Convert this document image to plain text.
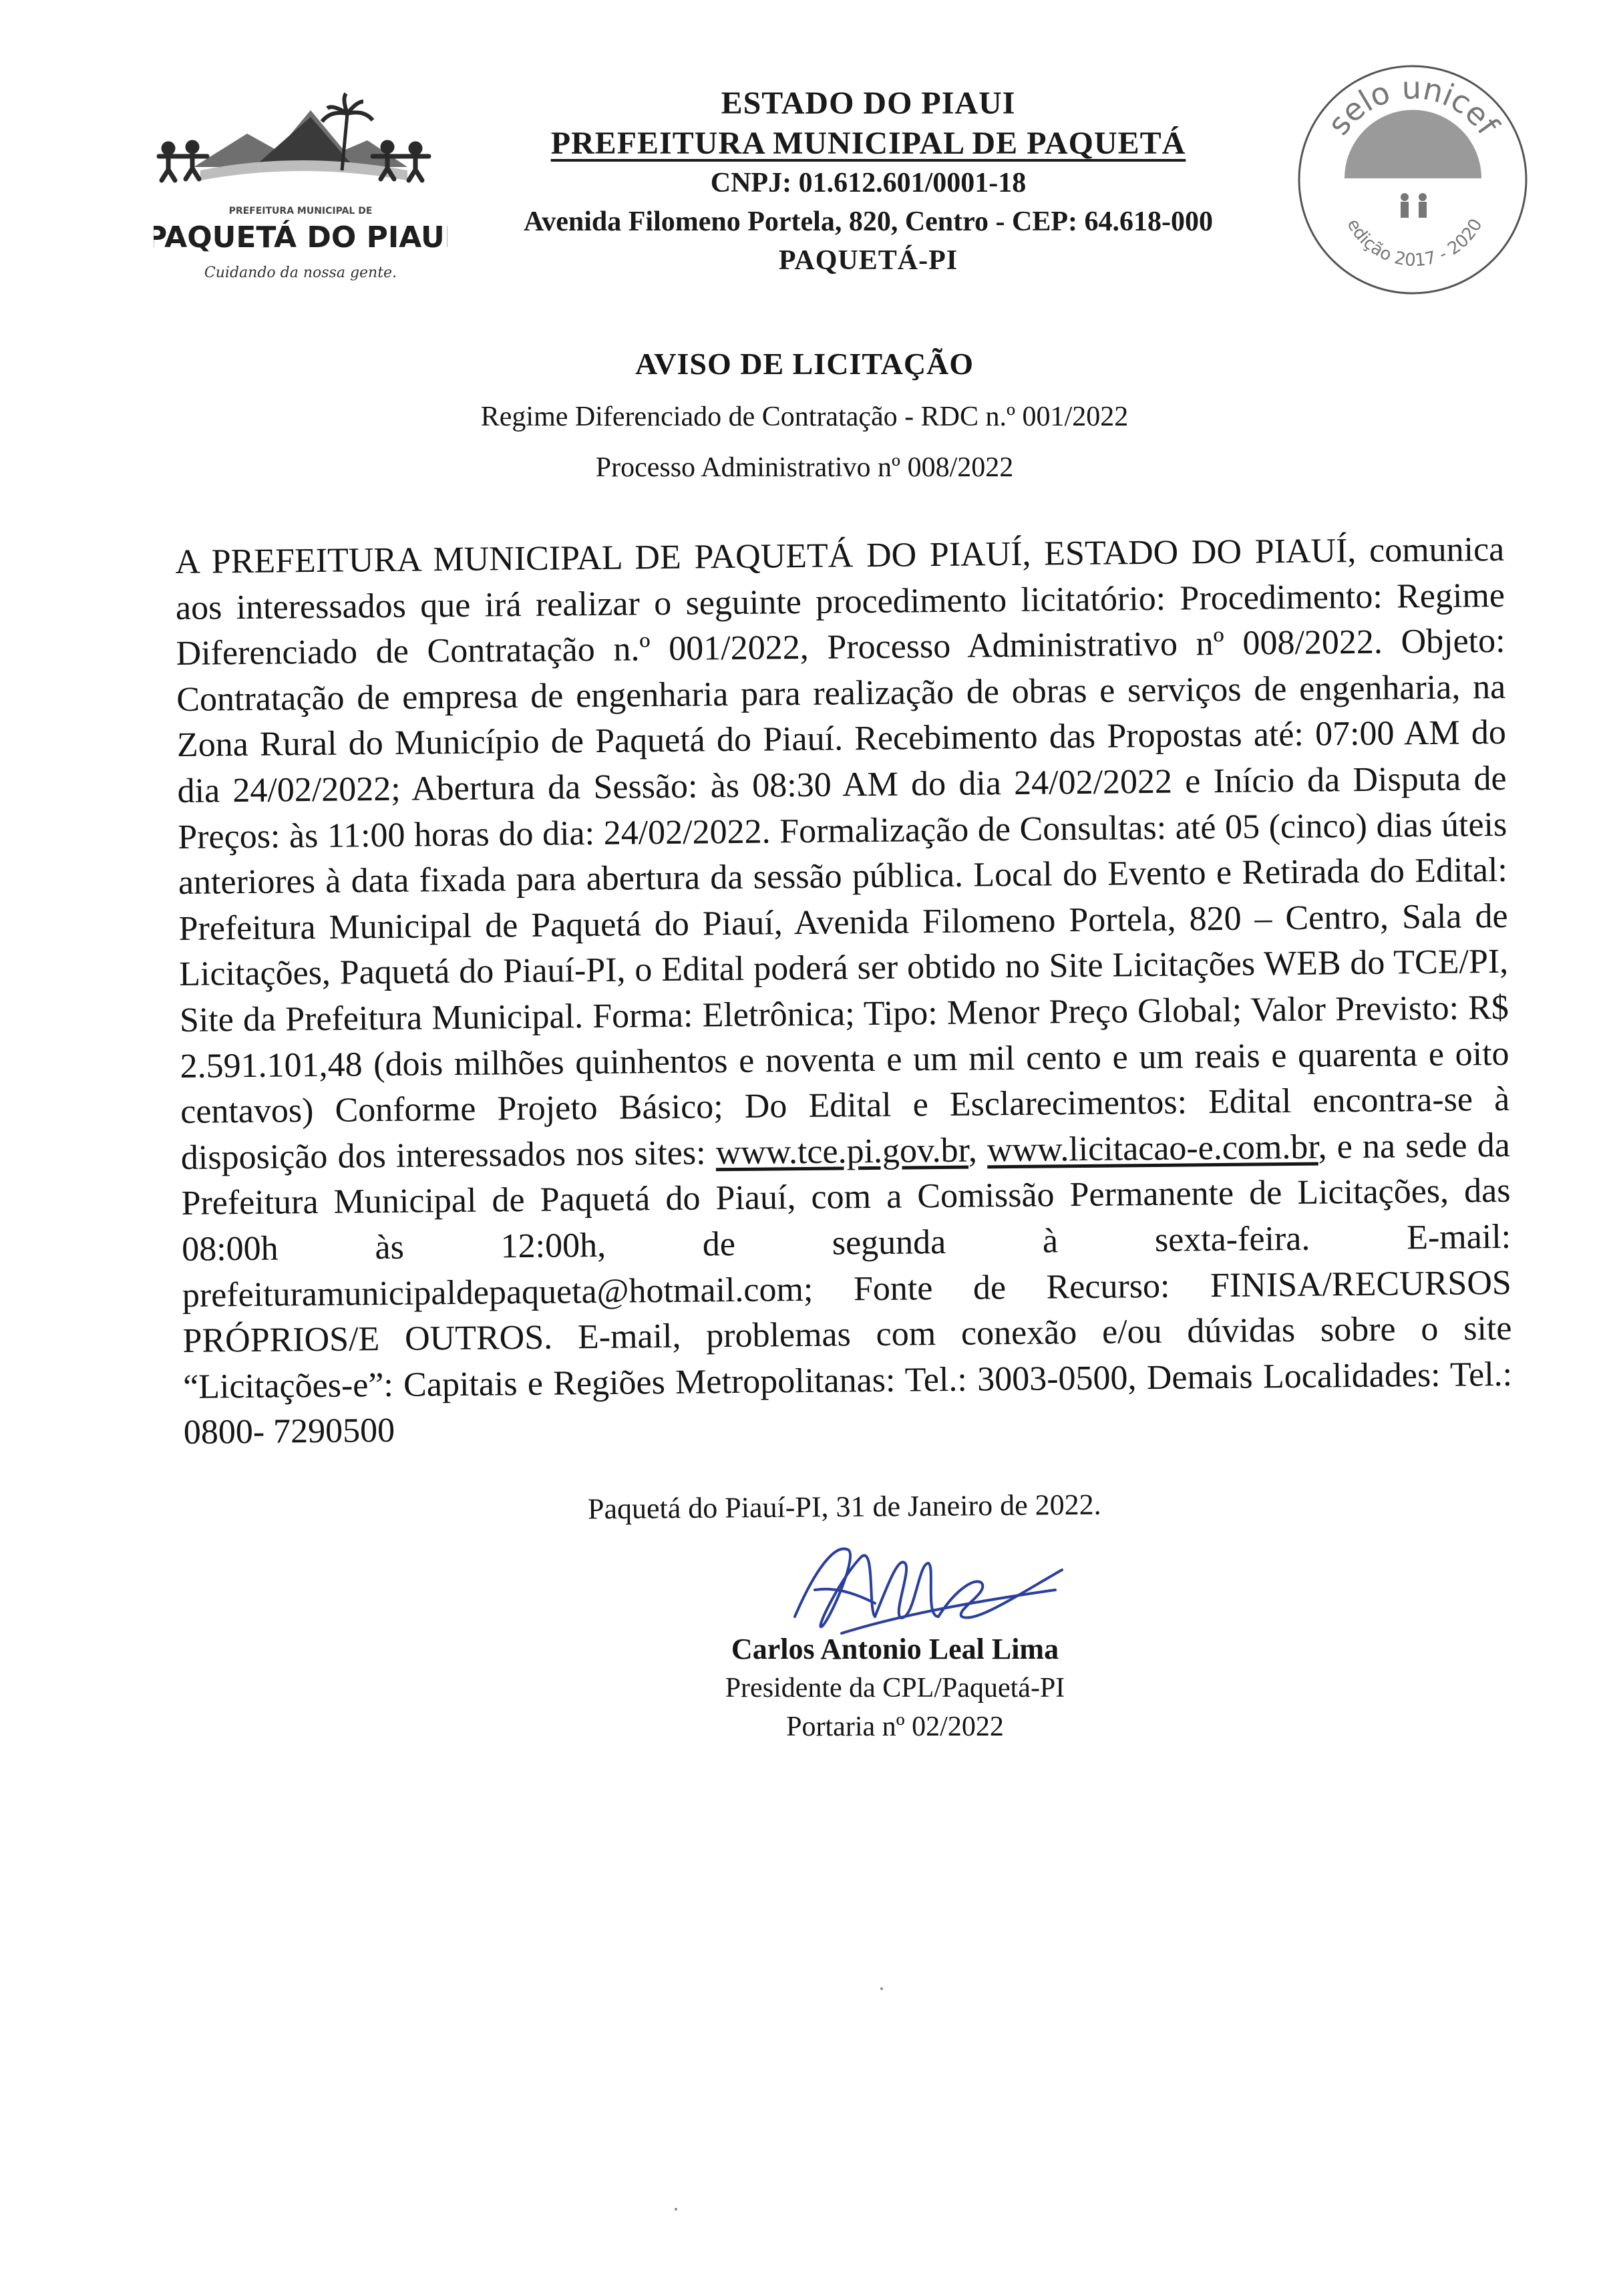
PREFEITURA MUNICIPAL DE
PAQUETÁ DO PIAUÍ
Cuidando da nossa gente.
ESTADO DO PIAUI
PREFEITURA MUNICIPAL DE PAQUETÁ
CNPJ: 01.612.601/0001-18
Avenida Filomeno Portela, 820, Centro - CEP: 64.618-000
PAQUETÁ-PI
selo unicef
edição 2017 - 2020
AVISO DE LICITAÇÃO
Regime Diferenciado de Contratação - RDC n.º 001/2022
Processo Administrativo nº 008/2022
A PREFEITURA MUNICIPAL DE PAQUETÁ DO PIAUÍ, ESTADO DO PIAUÍ, comunica aos interessados que irá realizar o seguinte procedimento licitatório: Procedimento: Regime Diferenciado de Contratação n.º 001/2022, Processo Administrativo nº 008/2022. Objeto: Contratação de empresa de engenharia para realização de obras e serviços de engenharia, na Zona Rural do Município de Paquetá do Piauí. Recebimento das Propostas até: 07:00 AM do dia 24/02/2022; Abertura da Sessão: às 08:30 AM do dia 24/02/2022 e Início da Disputa de Preços: às 11:00 horas do dia: 24/02/2022. Formalização de Consultas: até 05 (cinco) dias úteis anteriores à data fixada para abertura da sessão pública. Local do Evento e Retirada do Edital: Prefeitura Municipal de Paquetá do Piauí, Avenida Filomeno Portela, 820 – Centro, Sala de Licitações, Paquetá do Piauí-PI, o Edital poderá ser obtido no Site Licitações WEB do TCE/PI, Site da Prefeitura Municipal. Forma: Eletrônica; Tipo: Menor Preço Global; Valor Previsto: R$ 2.591.101,48 (dois milhões quinhentos e noventa e um mil cento e um reais e quarenta e oito centavos) Conforme Projeto Básico; Do Edital e Esclarecimentos: Edital encontra-se à disposição dos interessados nos sites: www.tce.pi.gov.br, www.licitacao-e.com.br, e na sede da Prefeitura Municipal de Paquetá do Piauí, com a Comissão Permanente de Licitações, das 08:00h às 12:00h, de segunda à sexta-feira. E-mail: prefeituramunicipaldepaqueta@hotmail.com; Fonte de Recurso: FINISA/RECURSOS PRÓPRIOS/E OUTROS. E-mail, problemas com conexão e/ou dúvidas sobre o site “Licitações-e”: Capitais e Regiões Metropolitanas: Tel.: 3003-0500, Demais Localidades: Tel.: 0800- 7290500
Paquetá do Piauí-PI, 31 de Janeiro de 2022.
Carlos Antonio Leal Lima
Presidente da CPL/Paquetá-PI
Portaria nº 02/2022
